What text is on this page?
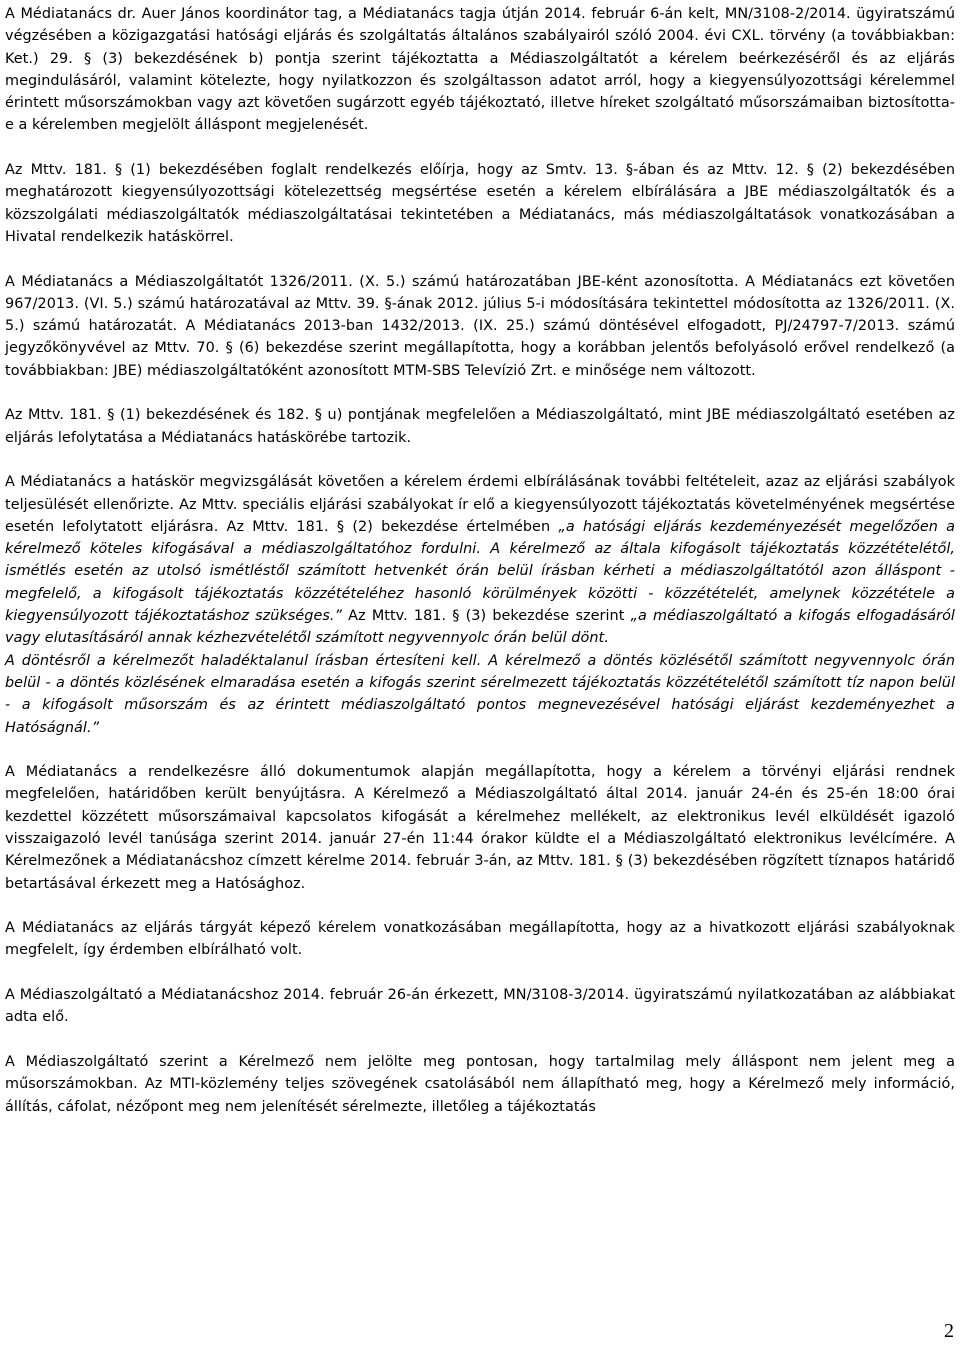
A Médiatanács dr. Auer János koordinátor tag, a Médiatanács tagja útján 2014. február 6-án kelt, MN/3108-2/2014. ügyiratszámú végzésében a közigazgatási hatósági eljárás és szolgáltatás általános szabályairól szóló 2004. évi CXL. törvény (a továbbiakban: Ket.) 29. § (3) bekezdésének b) pontja szerint tájékoztatta a Médiaszolgáltatót a kérelem beérkezéséről és az eljárás megindulásáról, valamint kötelezte, hogy nyilatkozzon és szolgáltasson adatot arról, hogy a kiegyensúlyozottsági kérelemmel érintett műsorszámokban vagy azt követően sugárzott egyéb tájékoztató, illetve híreket szolgáltató műsorszámaiban biztosította-e a kérelemben megjelölt álláspont megjelenését.

Az Mttv. 181. § (1) bekezdésében foglalt rendelkezés előírja, hogy az Smtv. 13. §-ában és az Mttv. 12. § (2) bekezdésében meghatározott kiegyensúlyozottsági kötelezettség megsértése esetén a kérelem elbírálására a JBE médiaszolgáltatók és a közszolgálati médiaszolgáltatók médiaszolgáltatásai tekintetében a Médiatanács, más médiaszolgáltatások vonatkozásában a Hivatal rendelkezik hatáskörrel.

A Médiatanács a Médiaszolgáltatót 1326/2011. (X. 5.) számú határozatában JBE-ként azonosította. A Médiatanács ezt követően 967/2013. (VI. 5.) számú határozatával az Mttv. 39. §-ának 2012. július 5-i módosítására tekintettel módosította az 1326/2011. (X. 5.) számú határozatát. A Médiatanács 2013-ban 1432/2013. (IX. 25.) számú döntésével elfogadott, PJ/24797-7/2013. számú jegyzőkönyvével az Mttv. 70. § (6) bekezdése szerint megállapította, hogy a korábban jelentős befolyásoló erővel rendelkező (a továbbiakban: JBE) médiaszolgáltatóként azonosított MTM-SBS Televízió Zrt. e minősége nem változott.

Az Mttv. 181. § (1) bekezdésének és 182. § u) pontjának megfelelően a Médiaszolgáltató, mint JBE médiaszolgáltató esetében az eljárás lefolytatása a Médiatanács hatáskörébe tartozik.

A Médiatanács a hatáskör megvizsgálását követően a kérelem érdemi elbírálásának további feltételeit, azaz az eljárási szabályok teljesülését ellenőrizte. Az Mttv. speciális eljárási szabályokat ír elő a kiegyensúlyozott tájékoztatás követelményének megsértése esetén lefolytatott eljárásra. Az Mttv. 181. § (2) bekezdése értelmében „a hatósági eljárás kezdeményezését megelőzően a kérelmező köteles kifogásával a médiaszolgáltatóhoz fordulni. A kérelmező az általa kifogásolt tájékoztatás közzétételétől, ismétlés esetén az utolsó ismétléstől számított hetvenkét órán belül írásban kérheti a médiaszolgáltatótól azon álláspont - megfelelő, a kifogásolt tájékoztatás közzétételéhez hasonló körülmények közötti - közzétételét, amelynek közzététele a kiegyensúlyozott tájékoztatáshoz szükséges.” Az Mttv. 181. § (3) bekezdése szerint „a médiaszolgáltató a kifogás elfogadásáról vagy elutasításáról annak kézhezvételétől számított negyvennyolc órán belül dönt.

A döntésről a kérelmezőt haladéktalanul írásban értesíteni kell. A kérelmező a döntés közlésétől számított negyvennyolc órán belül - a döntés közlésének elmaradása esetén a kifogás szerint sérelmezett tájékoztatás közzétételétől számított tíz napon belül - a kifogásolt műsorszám és az érintett médiaszolgáltató pontos megnevezésével hatósági eljárást kezdeményezhet a Hatóságnál.”

A Médiatanács a rendelkezésre álló dokumentumok alapján megállapította, hogy a kérelem a törvényi eljárási rendnek megfelelően, határidőben került benyújtásra. A Kérelmező a Médiaszolgáltató által 2014. január 24-én és 25-én 18:00 órai kezdettel közzétett műsorszámaival kapcsolatos kifogását a kérelmehez mellékelt, az elektronikus levél elküldését igazoló visszaigazoló levél tanúsága szerint 2014. január 27-én 11:44 órakor küldte el a Médiaszolgáltató elektronikus levélcímére. A Kérelmezőnek a Médiatanácshoz címzett kérelme 2014. február 3-án, az Mttv. 181. § (3) bekezdésében rögzített tíznapos határidő betartásával érkezett meg a Hatósághoz.

A Médiatanács az eljárás tárgyát képező kérelem vonatkozásában megállapította, hogy az a hivatkozott eljárási szabályoknak megfelelt, így érdemben elbírálható volt.

A Médiaszolgáltató a Médiatanácshoz 2014. február 26-án érkezett, MN/3108-3/2014. ügyiratszámú nyilatkozatában az alábbiakat adta elő.

A Médiaszolgáltató szerint a Kérelmező nem jelölte meg pontosan, hogy tartalmilag mely álláspont nem jelent meg a műsorszámokban. Az MTI-közlemény teljes szövegének csatolásából nem állapítható meg, hogy a Kérelmező mely információ, állítás, cáfolat, nézőpont meg nem jelenítését sérelmezte, illetőleg a tájékoztatás

2
